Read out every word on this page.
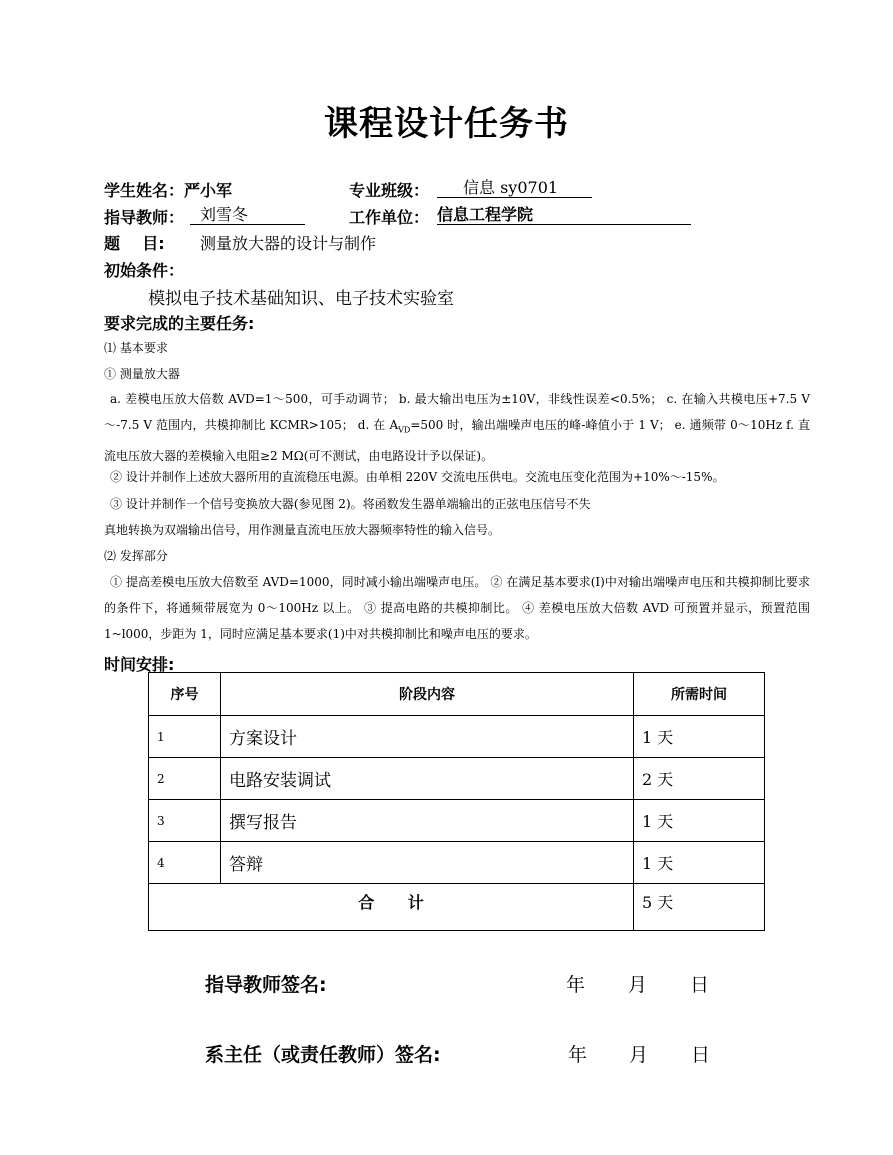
课程设计任务书
学生姓名： 严小军	专业班级：	信息 sy0701
指导教师： 刘雪冬	工作单位： 信息工程学院
题    目: 测量放大器的设计与制作
初始条件：
模拟电子技术基础知识、电子技术实验室
要求完成的主要任务:
⑴ 基本要求
① 测量放大器
a. 差模电压放大倍数 AVD=1～500，可手动调节； b. 最大输出电压为±10V，非线性误差<0.5%； c. 在输入共模电压+7.5 V～-7.5 V 范围内，共模抑制比 KCMR>105； d. 在 $A_{VD}=500$ 时，输出端噪声电压的峰-峰值小于 1 V； e. 通频带 0～10Hz f. 直流电压放大器的差模输入电阻≥2 MΩ(可不测试，由电路设计予以保证)。
② 设计并制作上述放大器所用的直流稳压电源。由单相 220V 交流电压供电。交流电压变化范围为+10%～-15%。
③ 设计并制作一个信号变换放大器(参见图 2)。将函数发生器单端输出的正弦电压信号不失
真地转换为双端输出信号，用作测量直流电压放大器频率特性的输入信号。
⑵ 发挥部分
① 提高差模电压放大倍数至 AVD=1000，同时减小输出端噪声电压。 ② 在满足基本要求(I)中对输出端噪声电压和共模抑制比要求的条件下，将通频带展宽为 0～100Hz 以上。 ③ 提高电路的共模抑制比。 ④ 差模电压放大倍数 AVD 可预置并显示，预置范围 1~l000，步距为 1，同时应满足基本要求(1)中对共模抑制比和噪声电压的要求。
时间安排:
序号	阶段内容	所需时间
1	方案设计	1 天
2	电路安装调试	2 天
3	撰写报告	1 天
4	答辩	1 天
合      计		5 天
指导教师签名:	年 月 日
系主任（或责任教师）签名:	年 月 日
